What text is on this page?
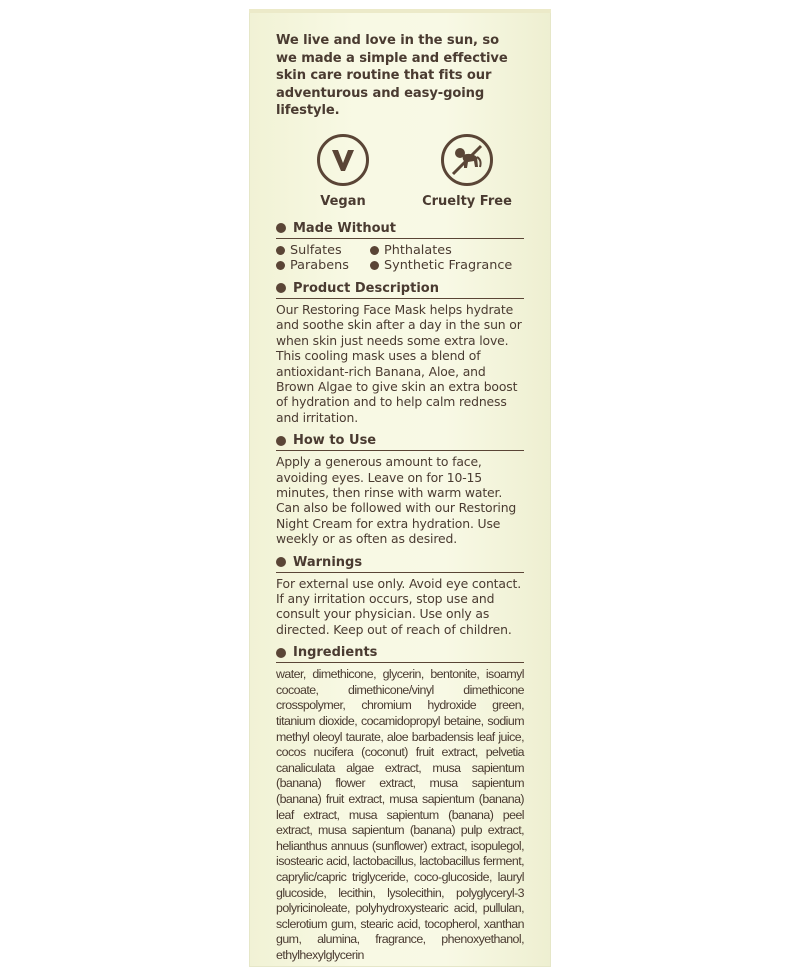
We live and love in the sun, so we made a simple and effective skin care routine that fits our adventurous and easy-going lifestyle.

Vegan	Cruelty Free
Made Without
Sulfates	Phthalates
Parabens	Synthetic Fragrance
Product Description

Our Restoring Face Mask helps hydrate and soothe skin after a day in the sun or when skin just needs some extra love. This cooling mask uses a blend of antioxidant-rich Banana, Aloe, and Brown Algae to give skin an extra boost of hydration and to help calm redness and irritation.

How to Use

Apply a generous amount to face, avoiding eyes. Leave on for 10-15 minutes, then rinse with warm water. Can also be followed with our Restoring Night Cream for extra hydration. Use weekly or as often as desired.

Warnings

For external use only. Avoid eye contact. If any irritation occurs, stop use and consult your physician. Use only as directed. Keep out of reach of children.

Ingredients

water, dimethicone, glycerin, bentonite, isoamyl cocoate, dimethicone/vinyl dimethicone crosspolymer, chromium hydroxide green, titanium dioxide, cocamidopropyl betaine, sodium methyl oleoyl taurate, aloe barbadensis leaf juice, cocos nucifera (coconut) fruit extract, pelvetia canaliculata algae extract, musa sapientum (banana) flower extract, musa sapientum (banana) fruit extract, musa sapientum (banana) leaf extract, musa sapientum (banana) peel extract, musa sapientum (banana) pulp extract, helianthus annuus (sunflower) extract, isopulegol, isostearic acid, lactobacillus, lactobacillus ferment, caprylic/capric triglyceride, coco-glucoside, lauryl glucoside, lecithin, lysolecithin, polyglyceryl-3 polyricinoleate, polyhydroxystearic acid, pullulan, sclerotium gum, stearic acid, tocopherol, xanthan gum, alumina, fragrance, phenoxyethanol, ethylhexylglycerin
